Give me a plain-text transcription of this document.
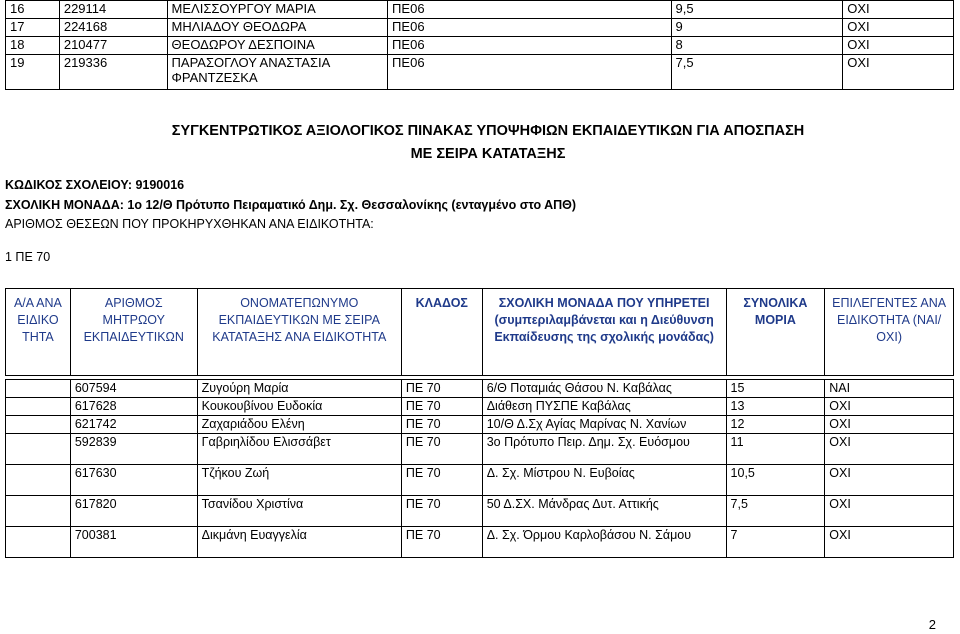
16	229114	ΜΕΛΙΣΣΟΥΡΓΟΥ ΜΑΡΙΑ	ΠΕ06	9,5	ΟΧΙ
17	224168	ΜΗΛΙΑΔΟΥ ΘΕΟΔΩΡΑ	ΠΕ06	9	ΟΧΙ
18	210477	ΘΕΟΔΩΡΟΥ ΔΕΣΠΟΙΝΑ	ΠΕ06	8	ΟΧΙ
19	219336	ΠΑΡΑΣΟΓΛΟΥ ΑΝΑΣΤΑΣΙΑ ΦΡΑΝΤΖΕΣΚΑ	ΠΕ06	7,5	ΟΧΙ
ΣΥΓΚΕΝΤΡΩΤΙΚΟΣ ΑΞΙΟΛΟΓΙΚΟΣ ΠΙΝΑΚΑΣ ΥΠΟΨΗΦΙΩΝ ΕΚΠΑΙΔΕΥΤΙΚΩΝ ΓΙΑ ΑΠΟΣΠΑΣΗ
ΜΕ ΣΕΙΡΑ ΚΑΤΑΤΑΞΗΣ
ΚΩΔΙΚΟΣ ΣΧΟΛΕΙΟΥ: 9190016
ΣΧΟΛΙΚΗ ΜΟΝΑΔΑ: 1ο 12/Θ Πρότυπο Πειραματικό Δημ. Σχ. Θεσσαλονίκης (ενταγμένο στο ΑΠΘ)
ΑΡΙΘΜΟΣ ΘΕΣΕΩΝ ΠΟΥ ΠΡΟΚΗΡΥΧΘΗΚΑΝ ΑΝΑ ΕΙΔΙΚΟΤΗΤΑ:
1 ΠΕ 70
Α/Α ΑΝΑ ΕΙΔΙΚΟ ΤΗΤΑ	ΑΡΙΘΜΟΣ ΜΗΤΡΩΟΥ ΕΚΠΑΙΔΕΥΤΙΚΩΝ	ΟΝΟΜΑΤΕΠΩΝΥΜΟ ΕΚΠΑΙΔΕΥΤΙΚΩΝ ΜΕ ΣΕΙΡΑ ΚΑΤΑΤΑΞΗΣ ΑΝΑ ΕΙΔΙΚΟΤΗΤΑ	ΚΛΑΔΟΣ	ΣΧΟΛΙΚΗ ΜΟΝΑΔΑ ΠΟΥ ΥΠΗΡΕΤΕΙ (συμπεριλαμβάνεται και η Διεύθυνση Εκπαίδευσης της σχολικής μονάδας)	ΣΥΝΟΛΙΚΑ ΜΟΡΙΑ	ΕΠΙΛΕΓΕΝΤΕΣ ΑΝΑ ΕΙΔΙΚΟΤΗΤΑ (ΝΑΙ/ ΟΧΙ)

	607594	Ζυγούρη Μαρία	ΠΕ 70	6/Θ Ποταμιάς Θάσου Ν. Καβάλας	15	ΝΑΙ
	617628	Κουκουβίνου Ευδοκία	ΠΕ 70	Διάθεση ΠΥΣΠΕ Καβάλας	13	ΟΧΙ
	621742	Ζαχαριάδου Ελένη	ΠΕ 70	10/Θ Δ.Σχ Αγίας Μαρίνας Ν. Χανίων	12	ΟΧΙ
	592839	Γαβριηλίδου Ελισσάβετ	ΠΕ 70	3ο Πρότυπο Πειρ. Δημ. Σχ. Ευόσμου	11	ΟΧΙ
	617630	Τζήκου Ζωή	ΠΕ 70	Δ. Σχ. Μίστρου Ν. Ευβοίας	10,5	ΟΧΙ
	617820	Τσανίδου Χριστίνα	ΠΕ 70	50 Δ.ΣΧ. Μάνδρας Δυτ. Αττικής	7,5	ΟΧΙ
	700381	Δικμάνη Ευαγγελία	ΠΕ 70	Δ. Σχ. Όρμου Καρλοβάσου Ν. Σάμου	7	ΟΧΙ
2
